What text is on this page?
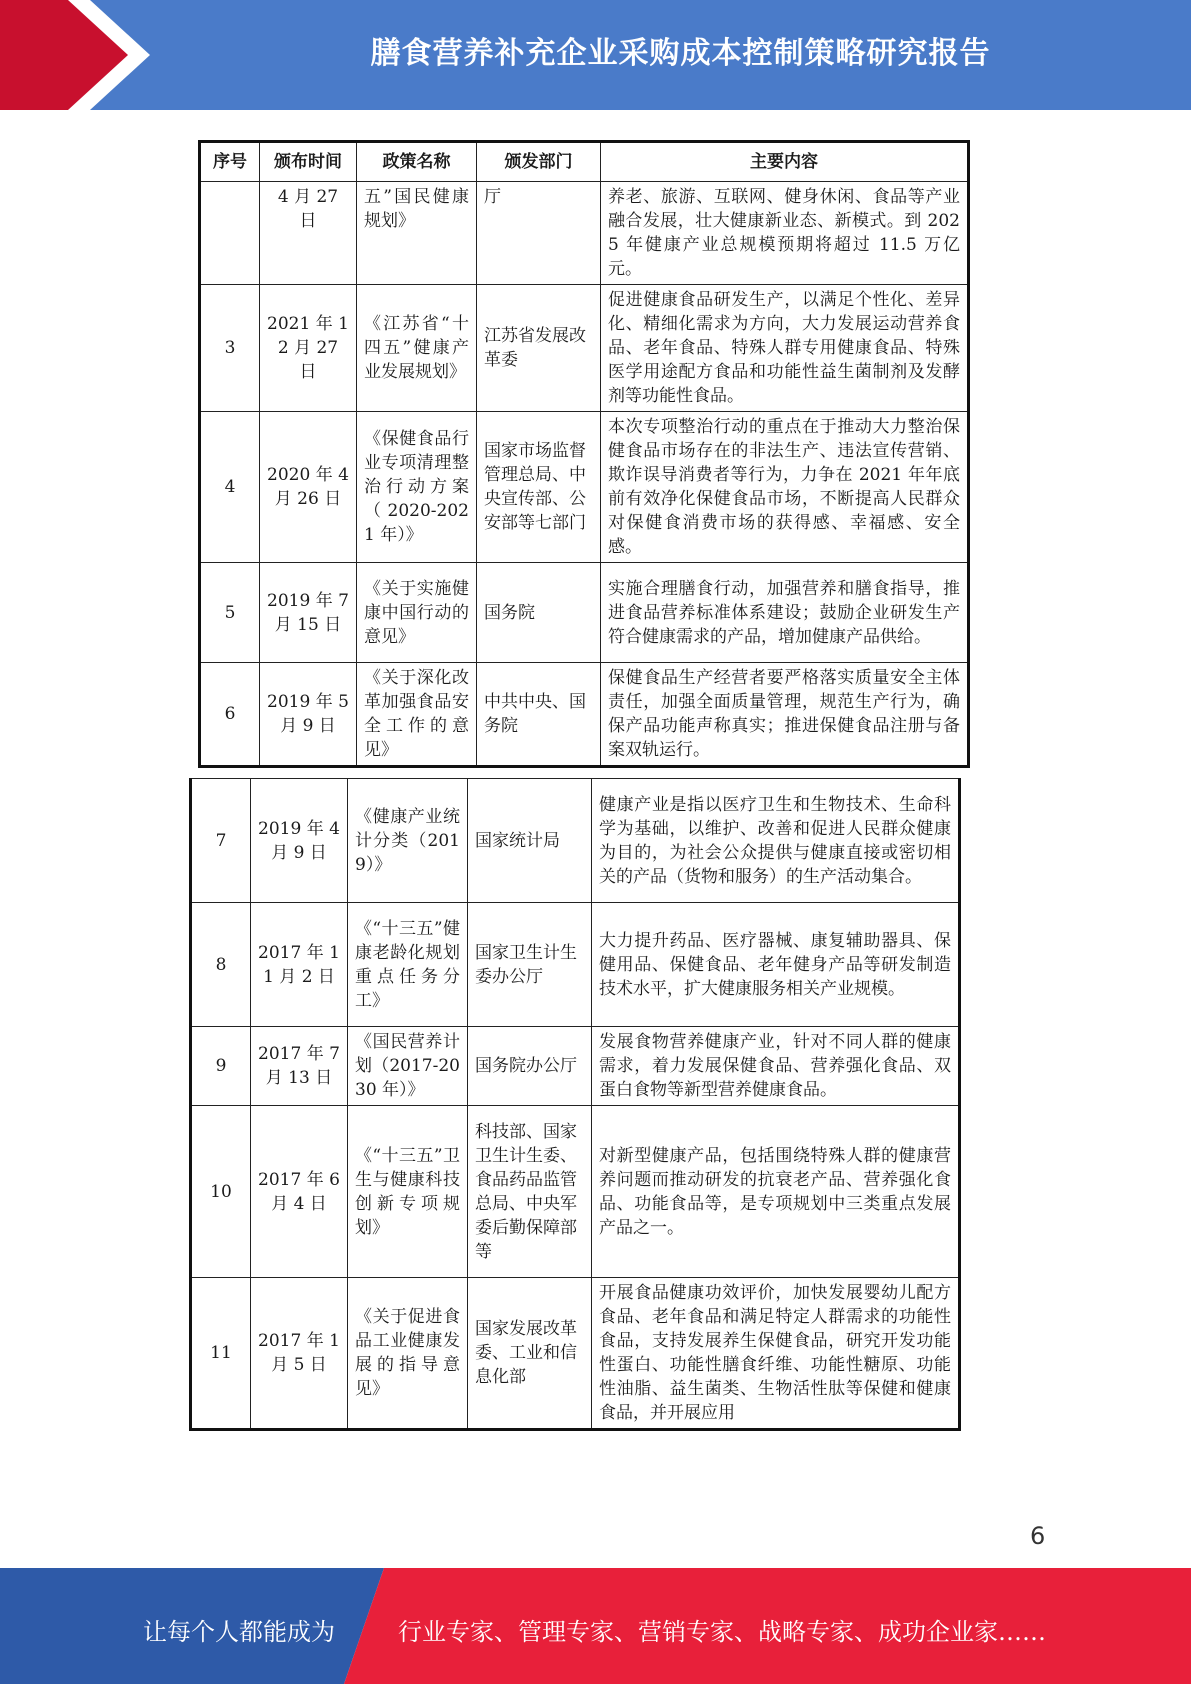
膳食营养补充企业采购成本控制策略研究报告
序号	颁布时间	政策名称	颁发部门	主要内容
	4 月 27 日	五”国民健康规划》	厅	养老、旅游、互联网、健身休闲、食品等产业融合发展，壮大健康新业态、新模式。到 2025 年健康产业总规模预期将超过 11.5 万亿元。
3	2021 年 12 月 27 日	《江苏省“十四五”健康产业发展规划》	江苏省发展改革委	促进健康食品研发生产，以满足个性化、差异化、精细化需求为方向，大力发展运动营养食品、老年食品、特殊人群专用健康食品、特殊医学用途配方食品和功能性益生菌制剂及发酵剂等功能性食品。
4	2020 年 4 月 26 日	《保健食品行业专项清理整治行动方案（2020-2021 年）》	国家市场监督管理总局、中央宣传部、公安部等七部门	本次专项整治行动的重点在于推动大力整治保健食品市场存在的非法生产、违法宣传营销、欺诈误导消费者等行为，力争在 2021 年年底前有效净化保健食品市场，不断提高人民群众对保健食消费市场的获得感、幸福感、安全感。
5	2019 年 7 月 15 日	《关于实施健康中国行动的意见》	国务院	实施合理膳食行动，加强营养和膳食指导，推进食品营养标准体系建设；鼓励企业研发生产符合健康需求的产品，增加健康产品供给。
6	2019 年 5 月 9 日	《关于深化改革加强食品安全工作的意见》	中共中央、国务院	保健食品生产经营者要严格落实质量安全主体责任，加强全面质量管理，规范生产行为，确保产品功能声称真实；推进保健食品注册与备案双轨运行。
7	2019 年 4 月 9 日	《健康产业统计分类（2019）》	国家统计局	健康产业是指以医疗卫生和生物技术、生命科学为基础，以维护、改善和促进人民群众健康为目的，为社会公众提供与健康直接或密切相关的产品（货物和服务）的生产活动集合。
8	2017 年 11 月 2 日	《“十三五”健康老龄化规划重点任务分工》	国家卫生计生委办公厅	大力提升药品、医疗器械、康复辅助器具、保健用品、保健食品、老年健身产品等研发制造技术水平，扩大健康服务相关产业规模。
9	2017 年 7 月 13 日	《国民营养计划（2017-2030 年）》	国务院办公厅	发展食物营养健康产业，针对不同人群的健康需求，着力发展保健食品、营养强化食品、双蛋白食物等新型营养健康食品。
10	2017 年 6 月 4 日	《“十三五”卫生与健康科技创新专项规划》	科技部、国家卫生计生委、食品药品监管总局、中央军委后勤保障部等	对新型健康产品，包括围绕特殊人群的健康营养问题而推动研发的抗衰老产品、营养强化食品、功能食品等，是专项规划中三类重点发展产品之一。
11	2017 年 1 月 5 日	《关于促进食品工业健康发展的指导意见》	国家发展改革委、工业和信息化部	开展食品健康功效评价，加快发展婴幼儿配方食品、老年食品和满足特定人群需求的功能性食品，支持发展养生保健食品，研究开发功能性蛋白、功能性膳食纤维、功能性糖原、功能性油脂、益生菌类、生物活性肽等保健和健康食品，并开展应用
6
让每个人都能成为	行业专家、管理专家、营销专家、战略专家、成功企业家……
